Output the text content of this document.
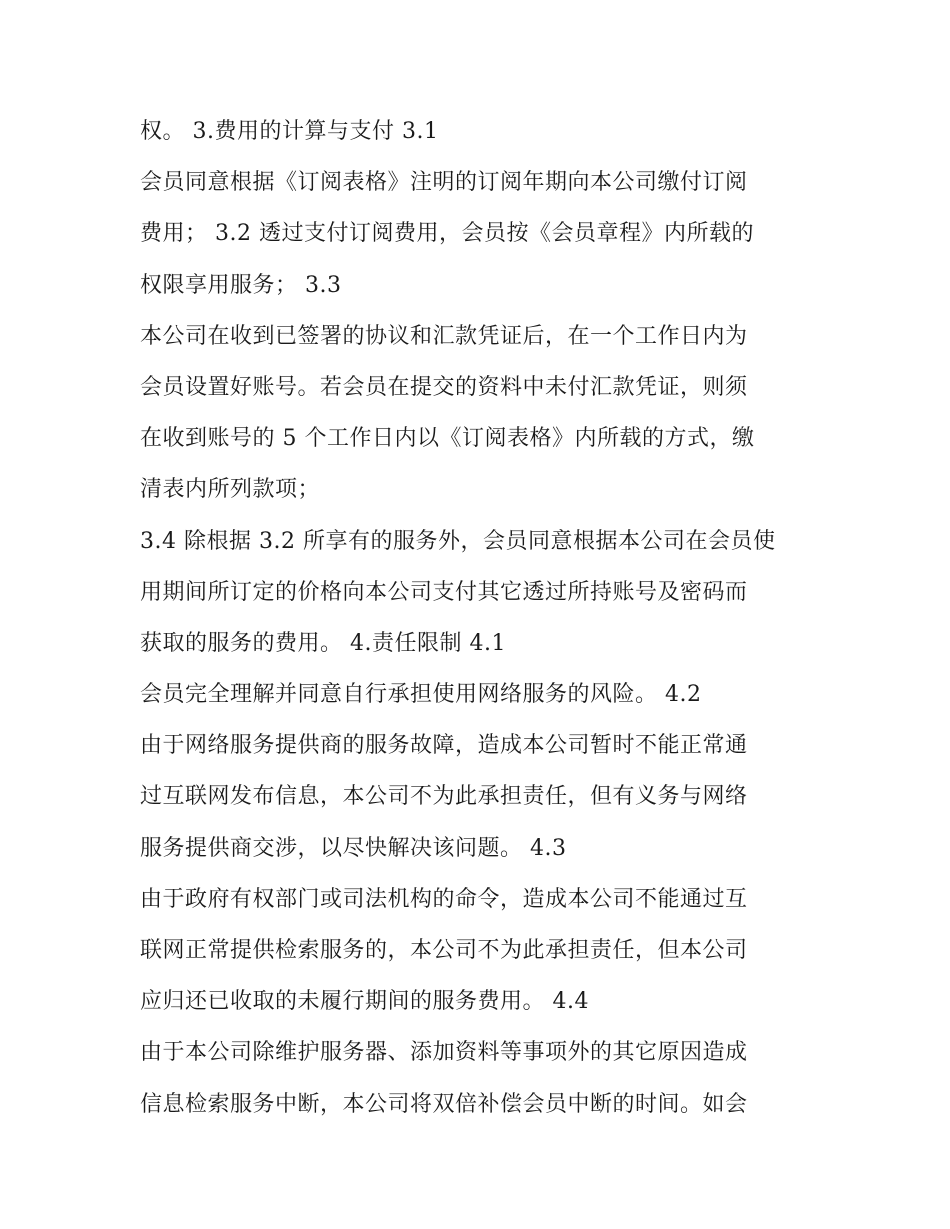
权。 3.费用的计算与支付 3.1
会员同意根据《订阅表格》注明的订阅年期向本公司缴付订阅
费用； 3.2 透过支付订阅费用，会员按《会员章程》内所载的
权限享用服务； 3.3
本公司在收到已签署的协议和汇款凭证后，在一个工作日内为
会员设置好账号。若会员在提交的资料中未付汇款凭证，则须
在收到账号的 5 个工作日内以《订阅表格》内所载的方式，缴
清表内所列款项；
3.4 除根据 3.2 所享有的服务外，会员同意根据本公司在会员使
用期间所订定的价格向本公司支付其它透过所持账号及密码而
获取的服务的费用。 4.责任限制 4.1
会员完全理解并同意自行承担使用网络服务的风险。 4.2
由于网络服务提供商的服务故障，造成本公司暂时不能正常通
过互联网发布信息，本公司不为此承担责任，但有义务与网络
服务提供商交涉，以尽快解决该问题。 4.3
由于政府有权部门或司法机构的命令，造成本公司不能通过互
联网正常提供检索服务的，本公司不为此承担责任，但本公司
应归还已收取的未履行期间的服务费用。 4.4
由于本公司除维护服务器、添加资料等事项外的其它原因造成
信息检索服务中断，本公司将双倍补偿会员中断的时间。如会
